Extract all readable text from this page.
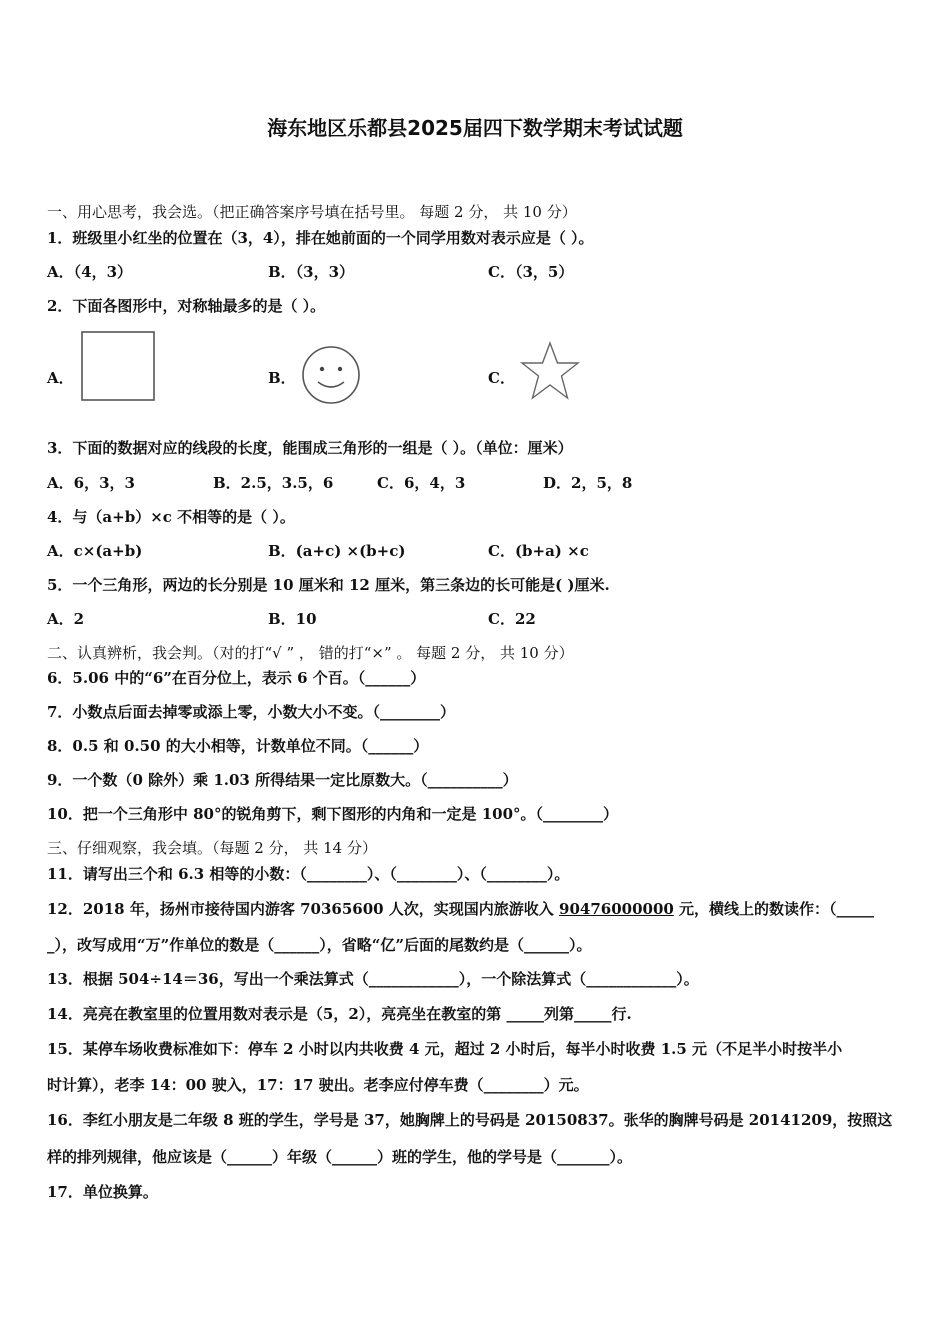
海东地区乐都县2025届四下数学期末考试试题
一、用心思考，我会选。（把正确答案序号填在括号里。 每题 2 分， 共 10 分）
1．班级里小红坐的位置在（3，4），排在她前面的一个同学用数对表示应是（ ）。
A．（4，3）	B．（3，3）	C．（3，5）
2．下面各图形中，对称轴最多的是（ ）。
A．	B．	C．
3．下面的数据对应的线段的长度，能围成三角形的一组是（ ）。（单位：厘米）
A．6，3，3	B．2.5，3.5，6	C．6，4，3	D．2，5，8
4．与（a+b）×c 不相等的是（ ）。
A．c×(a+b)	B．(a+c) ×(b+c)	C．(b+a) ×c
5．一个三角形，两边的长分别是 10 厘米和 12 厘米，第三条边的长可能是( )厘米.
A．2	B．10	C．22
二、认真辨析，我会判。（对的打“√ ” ， 错的打“×” 。 每题 2 分， 共 10 分）
6．5.06 中的“6”在百分位上，表示 6 个百。（______）
7．小数点后面去掉零或添上零，小数大小不变。（________）
8．0.5 和 0.50 的大小相等，计数单位不同。（______）
9．一个数（0 除外）乘 1.03 所得结果一定比原数大。（__________）
10．把一个三角形中 80°的锐角剪下，剩下图形的内角和一定是 100°。（________）
三、仔细观察，我会填。（每题 2 分， 共 14 分）
11．请写出三个和 6.3 相等的小数：（________）、（________）、（________）。
12．2018 年，扬州市接待国内游客 70365600 人次，实现国内旅游收入 90476000000 元，横线上的数读作：（_____
_），改写成用“万”作单位的数是（______），省略“亿”后面的尾数约是（______）。
13．根据 504÷14＝36，写出一个乘法算式（____________），一个除法算式（____________）。
14．亮亮在教室里的位置用数对表示是（5，2），亮亮坐在教室的第 _____列第_____行.
15．某停车场收费标准如下：停车 2 小时以内共收费 4 元，超过 2 小时后，每半小时收费 1.5 元（不足半小时按半小
时计算），老李 14：00 驶入，17：17 驶出。老李应付停车费（________）元。
16．李红小朋友是二年级 8 班的学生，学号是 37，她胸牌上的号码是 20150837。张华的胸牌号码是 20141209，按照这
样的排列规律，他应该是（______）年级（______）班的学生，他的学号是（_______）。
17．单位换算。
